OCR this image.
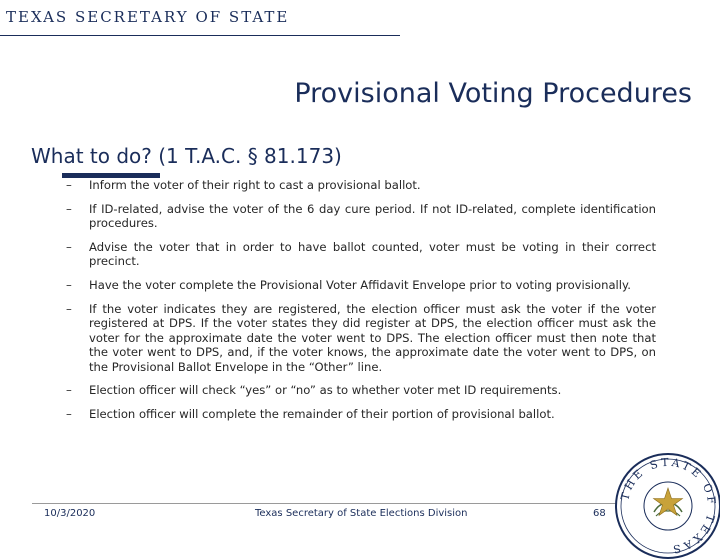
TEXAS SECRETARY OF STATE
Provisional Voting Procedures
What to do? (1 T.A.C. § 81.173)
–	Inform the voter of their right to cast a provisional ballot.
–	If ID-related, advise the voter of the 6 day cure period. If not ID-related, complete identification procedures.
–	Advise the voter that in order to have ballot counted, voter must be voting in their correct precinct.
–	Have the voter complete the Provisional Voter Affidavit Envelope prior to voting provisionally.
–	If the voter indicates they are registered, the election officer must ask the voter if the voter registered at DPS. If the voter states they did register at DPS, the election officer must ask the voter for the approximate date the voter went to DPS. The election officer must then note that the voter went to DPS, and, if the voter knows, the approximate date the voter went to DPS, on the Provisional Ballot Envelope in the “Other” line.
–	Election officer will check “yes” or “no” as to whether voter met ID requirements.
–	Election officer will complete the remainder of their portion of provisional ballot.
10/3/2020	Texas Secretary of State Elections Division	68
THE STATE OF TEXAS
